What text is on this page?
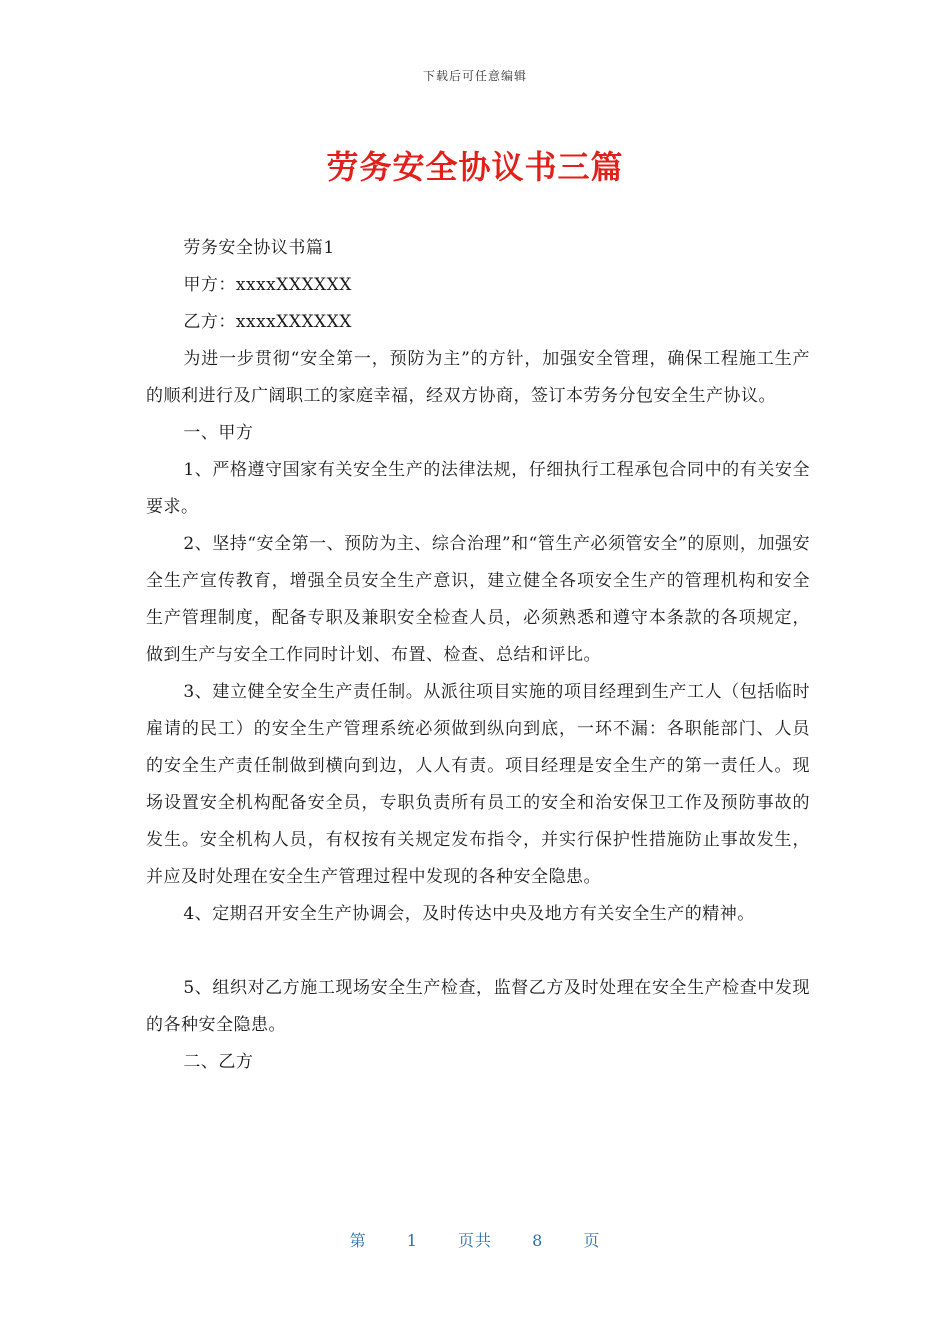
下载后可任意编辑
劳务安全协议书三篇

劳务安全协议书篇1

甲方：xxxxXXXXXX

乙方：xxxxXXXXXX

为进一步贯彻“安全第一，预防为主”的方针，加强安全管理，确保工程施工生产的顺利进行及广阔职工的家庭幸福，经双方协商，签订本劳务分包安全生产协议。

一、甲方

1、严格遵守国家有关安全生产的法律法规，仔细执行工程承包合同中的有关安全要求。

2、坚持“安全第一、预防为主、综合治理”和“管生产必须管安全”的原则，加强安全生产宣传教育，增强全员安全生产意识，建立健全各项安全生产的管理机构和安全生产管理制度，配备专职及兼职安全检查人员，必须熟悉和遵守本条款的各项规定，做到生产与安全工作同时计划、布置、检查、总结和评比。

3、建立健全安全生产责任制。从派往项目实施的项目经理到生产工人（包括临时雇请的民工）的安全生产管理系统必须做到纵向到底，一环不漏：各职能部门、人员的安全生产责任制做到横向到边，人人有责。项目经理是安全生产的第一责任人。现场设置安全机构配备安全员，专职负责所有员工的安全和治安保卫工作及预防事故的发生。安全机构人员，有权按有关规定发布指令，并实行保护性措施防止事故发生，并应及时处理在安全生产管理过程中发现的各种安全隐患。

4、定期召开安全生产协调会，及时传达中央及地方有关安全生产的精神。

5、组织对乙方施工现场安全生产检查，监督乙方及时处理在安全生产检查中发现的各种安全隐患。

二、乙方

第	1	页共	8	页
